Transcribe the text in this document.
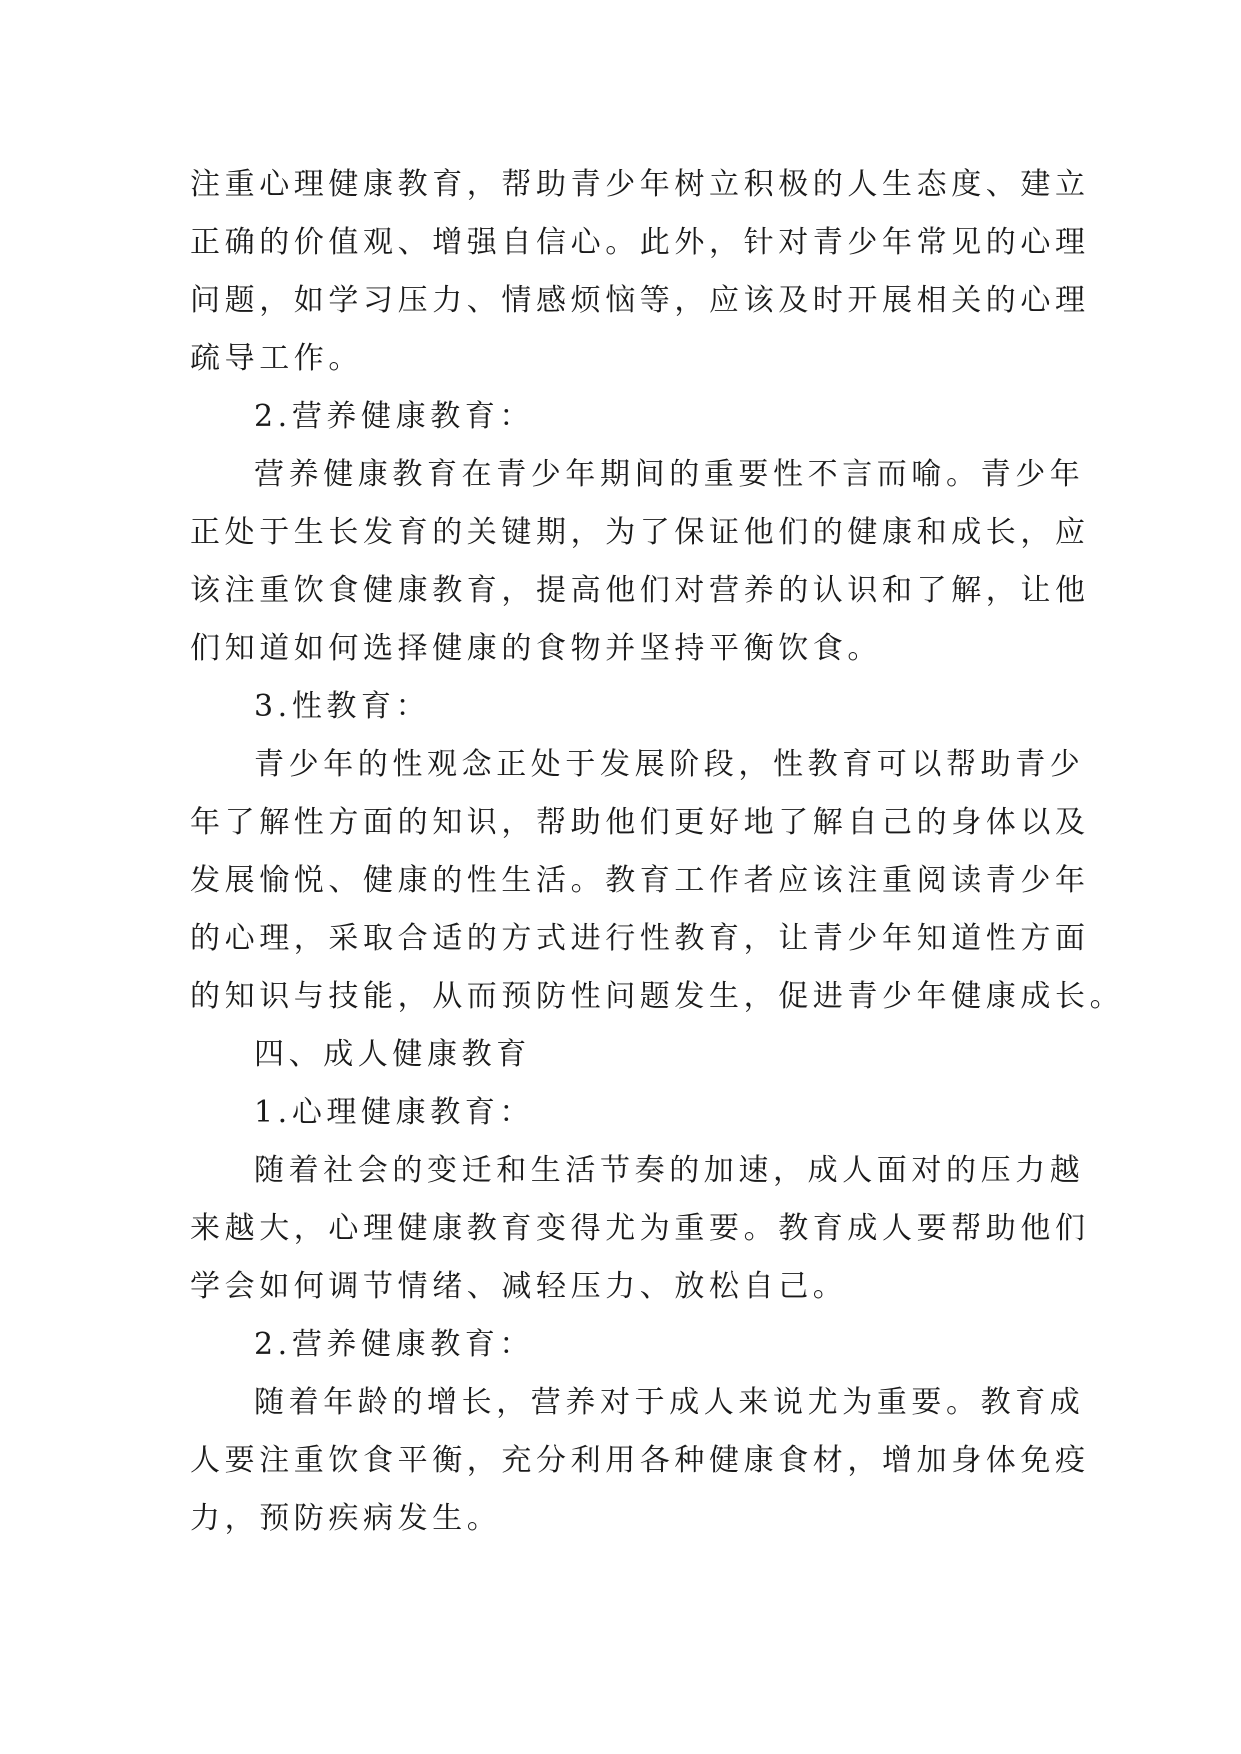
注重心理健康教育，帮助青少年树立积极的人生态度、建立
正确的价值观、增强自信心。此外，针对青少年常见的心理
问题，如学习压力、情感烦恼等，应该及时开展相关的心理
疏导工作。

2.营养健康教育：

营养健康教育在青少年期间的重要性不言而喻。青少年
正处于生长发育的关键期，为了保证他们的健康和成长，应
该注重饮食健康教育，提高他们对营养的认识和了解，让他
们知道如何选择健康的食物并坚持平衡饮食。

3.性教育：

青少年的性观念正处于发展阶段，性教育可以帮助青少
年了解性方面的知识，帮助他们更好地了解自己的身体以及
发展愉悦、健康的性生活。教育工作者应该注重阅读青少年
的心理，采取合适的方式进行性教育，让青少年知道性方面
的知识与技能，从而预防性问题发生，促进青少年健康成长。

四、成人健康教育

1.心理健康教育：

随着社会的变迁和生活节奏的加速，成人面对的压力越
来越大，心理健康教育变得尤为重要。教育成人要帮助他们
学会如何调节情绪、减轻压力、放松自己。

2.营养健康教育：

随着年龄的增长，营养对于成人来说尤为重要。教育成
人要注重饮食平衡，充分利用各种健康食材，增加身体免疫
力，预防疾病发生。
